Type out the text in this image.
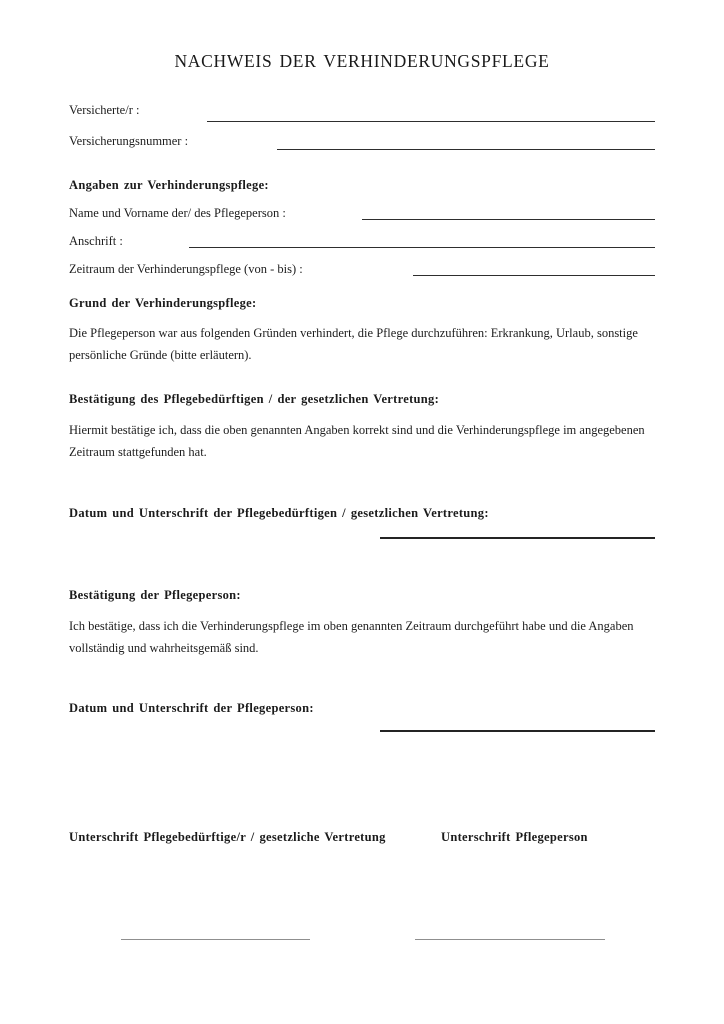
NACHWEIS DER VERHINDERUNGSPFLEGE
Versicherte/r :
Versicherungsnummer :
Angaben zur Verhinderungspflege:
Name und Vorname der/ des Pflegeperson :
Anschrift :
Zeitraum der Verhinderungspflege (von - bis) :
Grund der Verhinderungspflege:
Die Pflegeperson war aus folgenden Gründen verhindert, die Pflege durchzuführen: Erkrankung, Urlaub, sonstige persönliche Gründe (bitte erläutern).
Bestätigung des Pflegebedürftigen / der gesetzlichen Vertretung:
Hiermit bestätige ich, dass die oben genannten Angaben korrekt sind und die Verhinderungspflege im angegebenen Zeitraum stattgefunden hat.
Datum und Unterschrift der Pflegebedürftigen / gesetzlichen Vertretung:
Bestätigung der Pflegeperson:
Ich bestätige, dass ich die Verhinderungspflege im oben genannten Zeitraum durchgeführt habe und die Angaben vollständig und wahrheitsgemäß sind.
Datum und Unterschrift der Pflegeperson:
Unterschrift Pflegebedürftige/r / gesetzliche Vertretung	Unterschrift Pflegeperson
